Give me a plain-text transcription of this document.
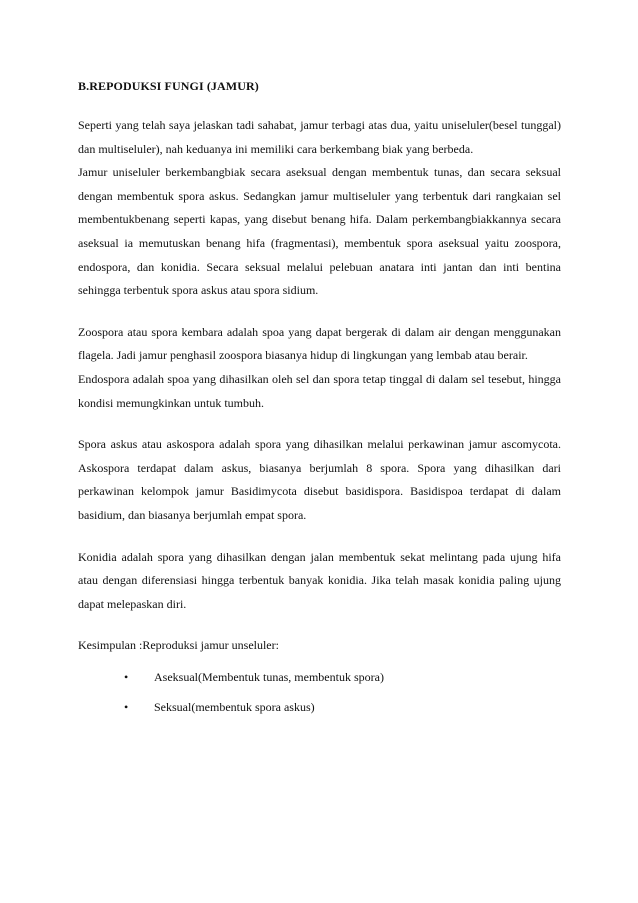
B.REPODUKSI FUNGI (JAMUR)

Seperti yang telah saya jelaskan tadi sahabat, jamur terbagi atas dua, yaitu uniseluler(besel tunggal) dan multiseluler), nah keduanya ini memiliki cara berkembang biak yang berbeda.

Jamur uniseluler berkembangbiak secara aseksual dengan membentuk tunas, dan secara seksual dengan membentuk spora askus. Sedangkan jamur multiseluler yang terbentuk dari rangkaian sel membentukbenang seperti kapas, yang disebut benang hifa. Dalam perkembangbiakkannya secara aseksual ia memutuskan benang hifa (fragmentasi), membentuk spora aseksual yaitu zoospora, endospora, dan konidia. Secara seksual melalui pelebuan anatara inti jantan dan inti bentina sehingga terbentuk spora askus atau spora sidium.

Zoospora atau spora kembara adalah spoa yang dapat bergerak di dalam air dengan menggunakan flagela. Jadi jamur penghasil zoospora biasanya hidup di lingkungan yang lembab atau berair.

Endospora adalah spoa yang dihasilkan oleh sel dan spora tetap tinggal di dalam sel tesebut, hingga kondisi memungkinkan untuk tumbuh.

Spora askus atau askospora adalah spora yang dihasilkan melalui perkawinan jamur ascomycota. Askospora terdapat dalam askus, biasanya berjumlah 8 spora. Spora yang dihasilkan dari perkawinan kelompok jamur Basidimycota disebut basidispora. Basidispoa terdapat di dalam basidium, dan biasanya berjumlah empat spora.

Konidia adalah spora yang dihasilkan dengan jalan membentuk sekat melintang pada ujung hifa atau dengan diferensiasi hingga terbentuk banyak konidia. Jika telah masak konidia paling ujung dapat melepaskan diri.

Kesimpulan :Reproduksi jamur unseluler:

• Aseksual(Membentuk tunas, membentuk spora)
• Seksual(membentuk spora askus)
